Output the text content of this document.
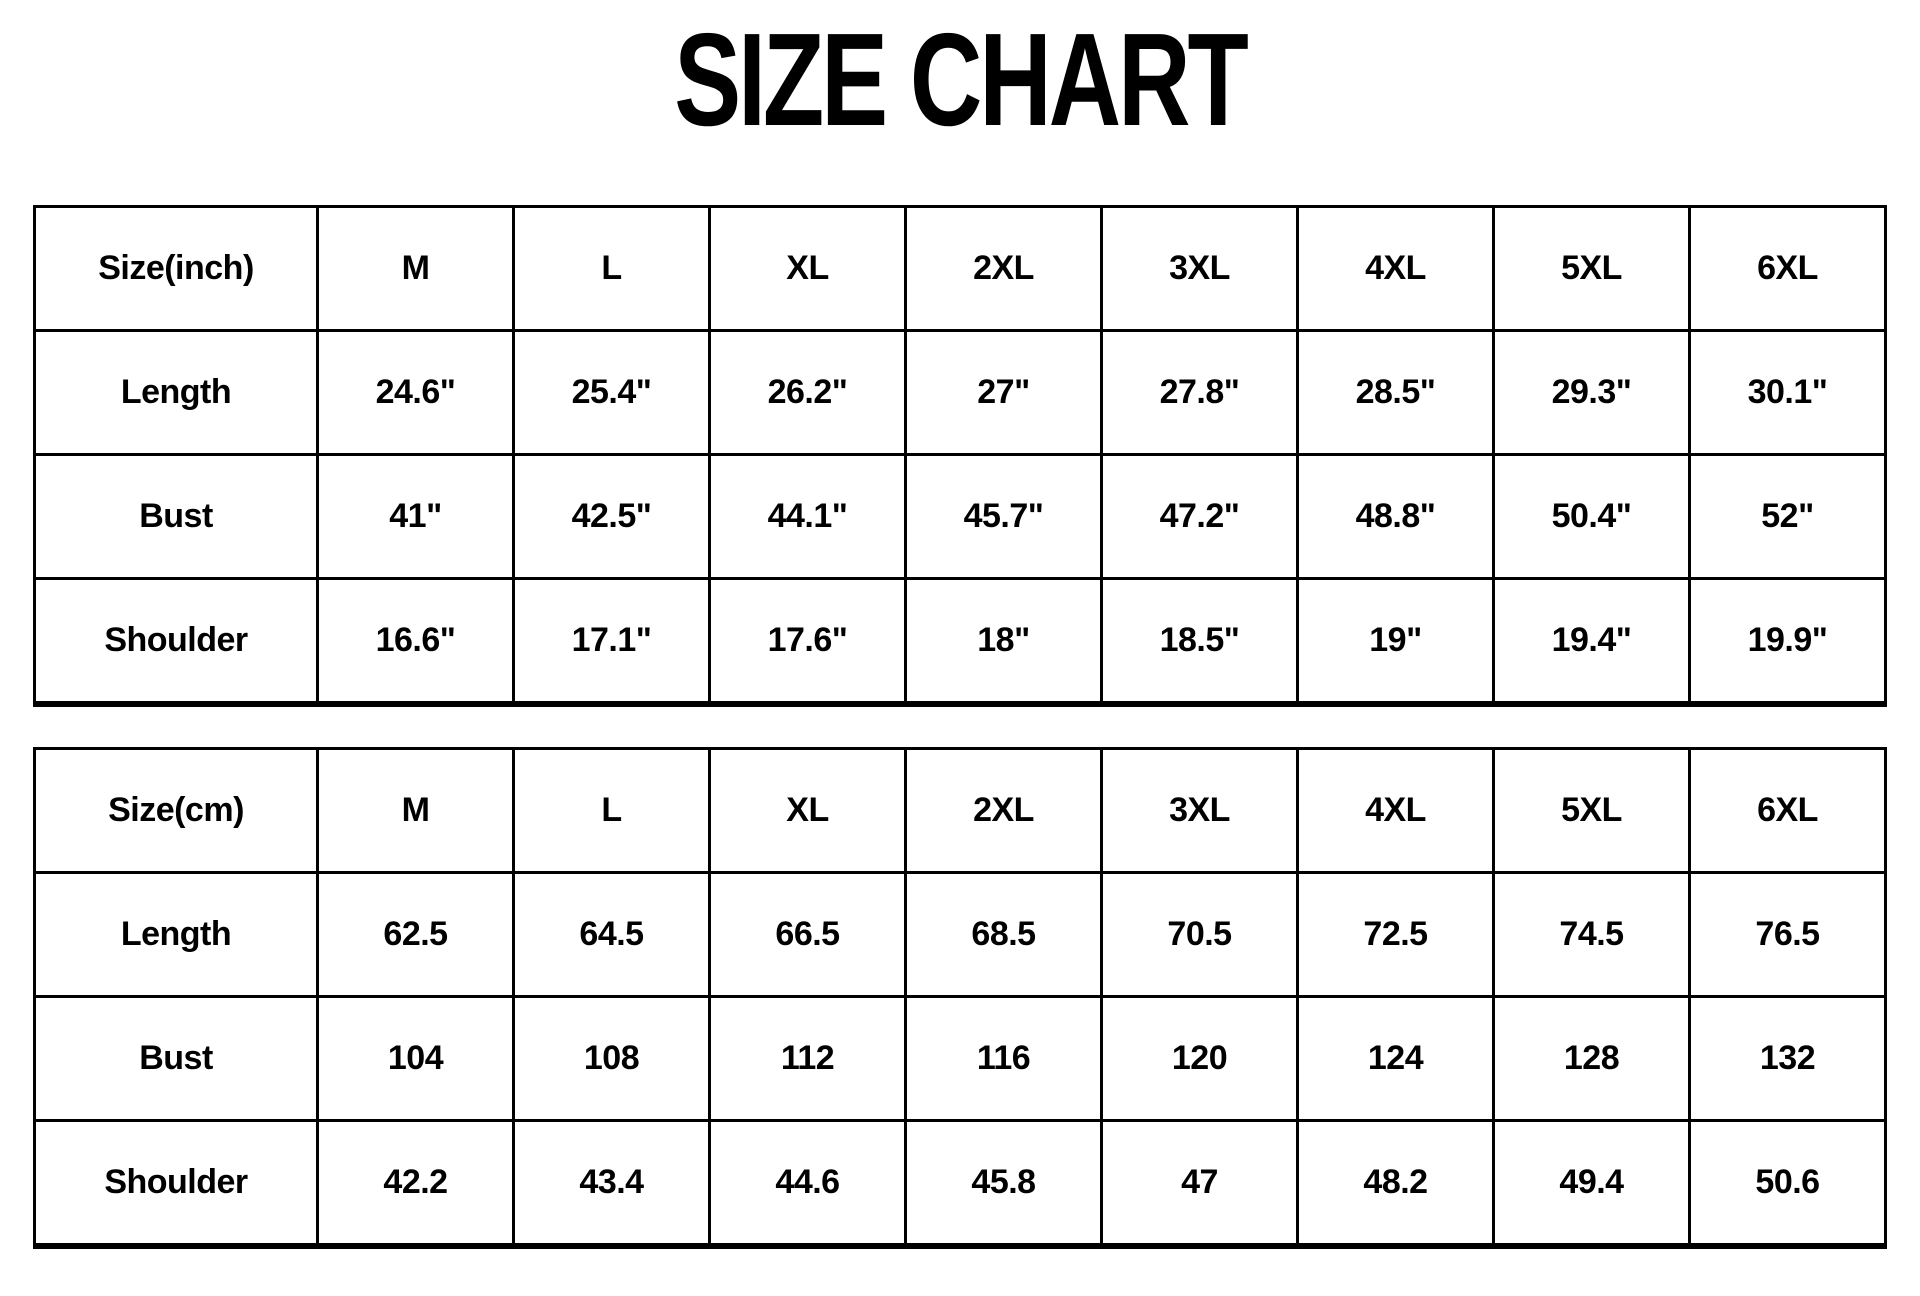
SIZE CHART
Size(inch)	M	L	XL	2XL	3XL	4XL	5XL	6XL
Length	24.6"	25.4"	26.2"	27"	27.8"	28.5"	29.3"	30.1"
Bust	41"	42.5"	44.1"	45.7"	47.2"	48.8"	50.4"	52"
Shoulder	16.6"	17.1"	17.6"	18"	18.5"	19"	19.4"	19.9"
Size(cm)	M	L	XL	2XL	3XL	4XL	5XL	6XL
Length	62.5	64.5	66.5	68.5	70.5	72.5	74.5	76.5
Bust	104	108	112	116	120	124	128	132
Shoulder	42.2	43.4	44.6	45.8	47	48.2	49.4	50.6
